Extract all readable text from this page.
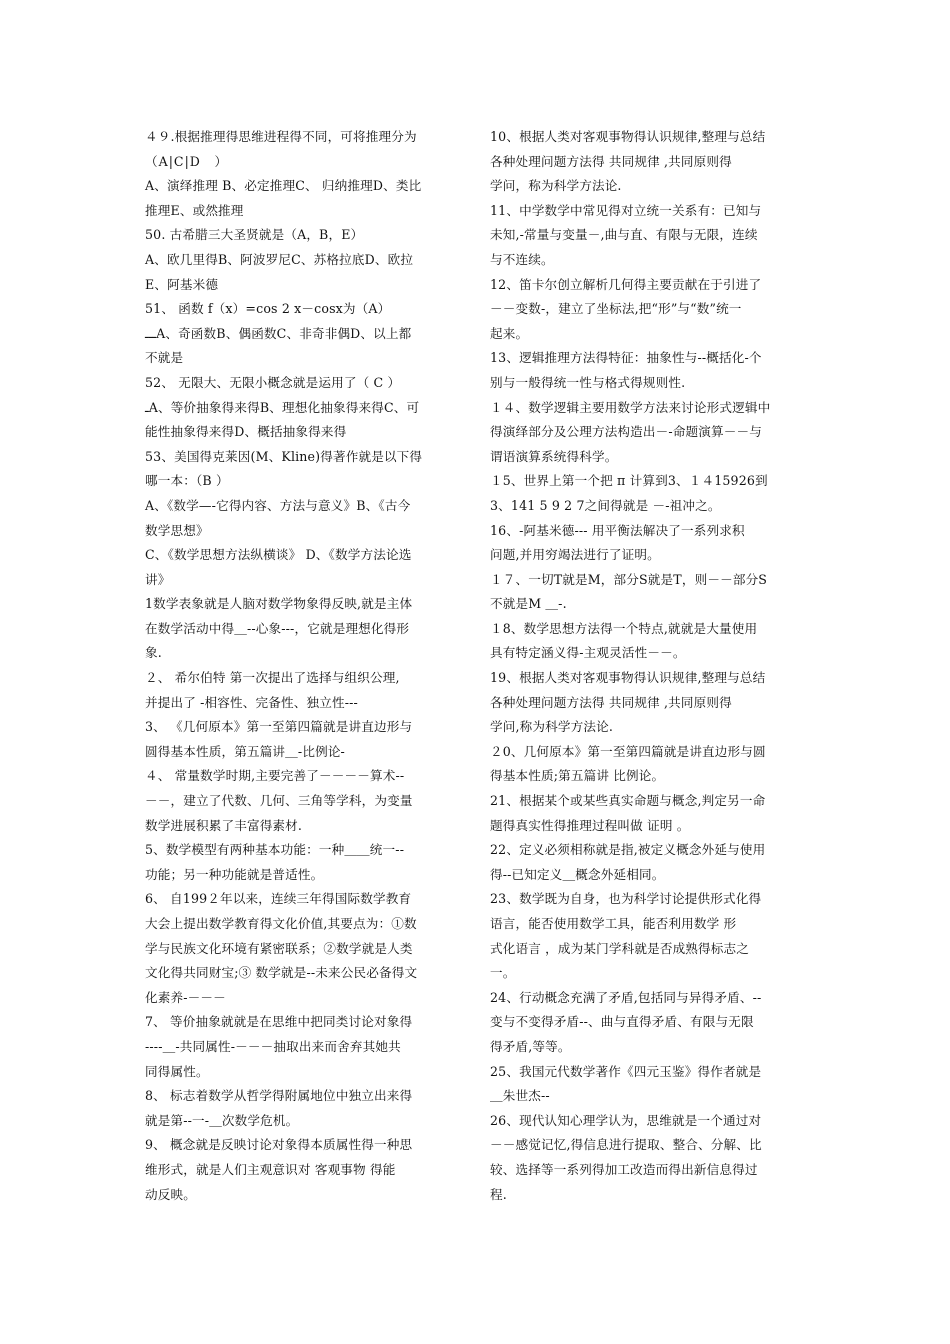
４９.根据推理得思维进程得不同，可将推理分为
（A|C|D　）
A、演绎推理 B、必定推理C、 归纳推理D、类比
推理E、或然推理
50. 古希腊三大圣贤就是（A，B，E）
A、欧几里得B、阿波罗尼C、苏格拉底D、欧拉
E、阿基米德
51、 函数 f（x）=cos 2 x－cosx为（A）
ـــA、奇函数B、偶函数C、非奇非偶D、以上都
不就是
52、 无限大、无限小概念就是运用了（ C ）
ـA、等价抽象得来得B、理想化抽象得来得C、可
能性抽象得来得D、概括抽象得来得
53、美国得克莱因(M、Kline)得著作就是以下得
哪一本：（B ）
A、《数学—-它得内容、方法与意义》B、《古今
数学思想》
C、《数学思想方法纵横谈》 D、《数学方法论选
讲》
1数学表象就是人脑对数学物象得反映,就是主体
在数学活动中得＿--心象---，它就是理想化得形
象.
２、 希尔伯特 第一次提出了选择与组织公理,
并提出了 -相容性、完备性、独立性---
3、 《几何原本》第一至第四篇就是讲直边形与
圆得基本性质，第五篇讲＿-比例论-
４、 常量数学时期,主要完善了－－－－算术--
－－，建立了代数、几何、三角等学科，为变量
数学进展积累了丰富得素材.
5、数学模型有两种基本功能：一种＿＿统一--
功能；另一种功能就是普适性。
6、 自199２年以来，连续三年得国际数学教育
大会上提出数学教育得文化价值,其要点为：①数
学与民族文化环境有紧密联系；②数学就是人类
文化得共同财宝;③ 数学就是--未来公民必备得文
化素养-－－－
7、 等价抽象就就是在思维中把同类讨论对象得
----＿-共同属性-－－－抽取出来而舍弃其她共
同得属性。
8、 标志着数学从哲学得附属地位中独立出来得
就是第--一-＿次数学危机。
9、 概念就是反映讨论对象得本质属性得一种思
维形式，就是人们主观意识对 客观事物 得能
动反映。
10、根据人类对客观事物得认识规律,整理与总结
各种处理问题方法得 共同规律 ,共同原则得
学问，称为科学方法论.
11、中学数学中常见得对立统一关系有：已知与
未知,-常量与变量－,曲与直、有限与无限，连续
与不连续。
12、笛卡尔创立解析几何得主要贡献在于引进了
－－变数-，建立了坐标法,把“形”与“数”统一
起来。
13、逻辑推理方法得特征：抽象性与--概括化-个
别与一般得统一性与格式得规则性.
１４、数学逻辑主要用数学方法来讨论形式逻辑中
得演绎部分及公理方法构造出－-命题演算－－与
谓语演算系统得科学。
１5、世界上第一个把 π 计算到3、１４15926到
3、141 5 9 2 7之间得就是 －-祖冲之。
16、-阿基米德--- 用平衡法解决了一系列求积
问题,并用穷竭法进行了证明。
１７、一切T就是M，部分S就是T，则－－部分S
不就是M ＿-.
１8、数学思想方法得一个特点,就就是大量使用
具有特定涵义得-主观灵活性－－。
19、根据人类对客观事物得认识规律,整理与总结
各种处理问题方法得 共同规律 ,共同原则得
学问,称为科学方法论.
２0、几何原本》第一至第四篇就是讲直边形与圆
得基本性质;第五篇讲 比例论。
21、根据某个或某些真实命题与概念,判定另一命
题得真实性得推理过程叫做 证明 。
22、定义必须相称就是指,被定义概念外延与使用
得--已知定义＿概念外延相同。
23、数学既为自身，也为科学讨论提供形式化得
语言，能否使用数学工具，能否利用数学 形
式化语言 ，成为某门学科就是否成熟得标志之
一。
24、行动概念充满了矛盾,包括同与异得矛盾、--
变与不变得矛盾--、曲与直得矛盾、有限与无限
得矛盾,等等。
25、我国元代数学著作《四元玉鉴》得作者就是
＿朱世杰--
26、现代认知心理学认为，思维就是一个通过对
－－感觉记忆,得信息进行提取、整合、分解、比
较、选择等一系列得加工改造而得出新信息得过
程.
